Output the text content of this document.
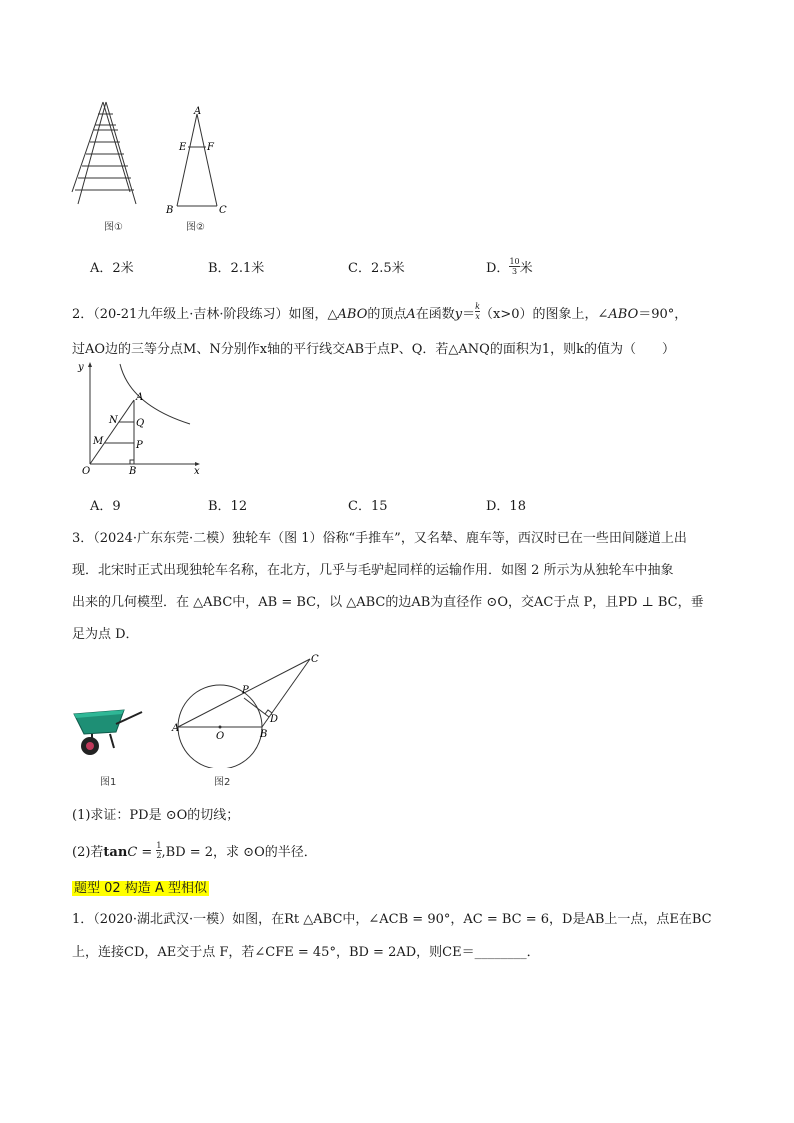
图①
A
E F
B	C
图②
A．2米	B．2.1米	C．2.5米	D． $\frac{10}{3}$ 米
2．（20-21九年级上·吉林·阶段练习）如图，△ABO的顶点A在函数$y= \frac{k}{x} (x>0)$的图象上，∠ABO＝90°，
过AO边的三等分点M、N分别作x轴的平行线交AB于点P、Q．若△ANQ的面积为1，则k的值为（　　）
y
x
O
A
N Q
M	P
B
A．9	B．12	C．15	D．18
3．（2024·广东东莞·二模）独轮车（图 1）俗称“手推车”，又名辇、鹿车等，西汉时已在一些田间隧道上出
现．北宋时正式出现独轮车名称，在北方，几乎与毛驴起同样的运输作用．如图 2 所示为从独轮车中抽象
出来的几何模型．在 △ABC中，AB = BC，以 △ABC的边AB为直径作 ⊙O，交AC于点 P，且PD ⊥ BC，垂
足为点 D．
图1
A
O	B
C
P
D
图2
(1)求证：PD是 ⊙O的切线；
(2)若$\tan C = \frac{1}{2} ,BD = 2$，求 ⊙O的半径．
题型 02 构造 A 型相似
1．（2020·湖北武汉·一模）如图，在Rt △ABC中，∠ACB = 90°，AC = BC = 6，D是AB上一点，点E在BC
上，连接CD，AE交于点 F，若∠CFE = 45°，BD = 2AD，则CE＝________．
